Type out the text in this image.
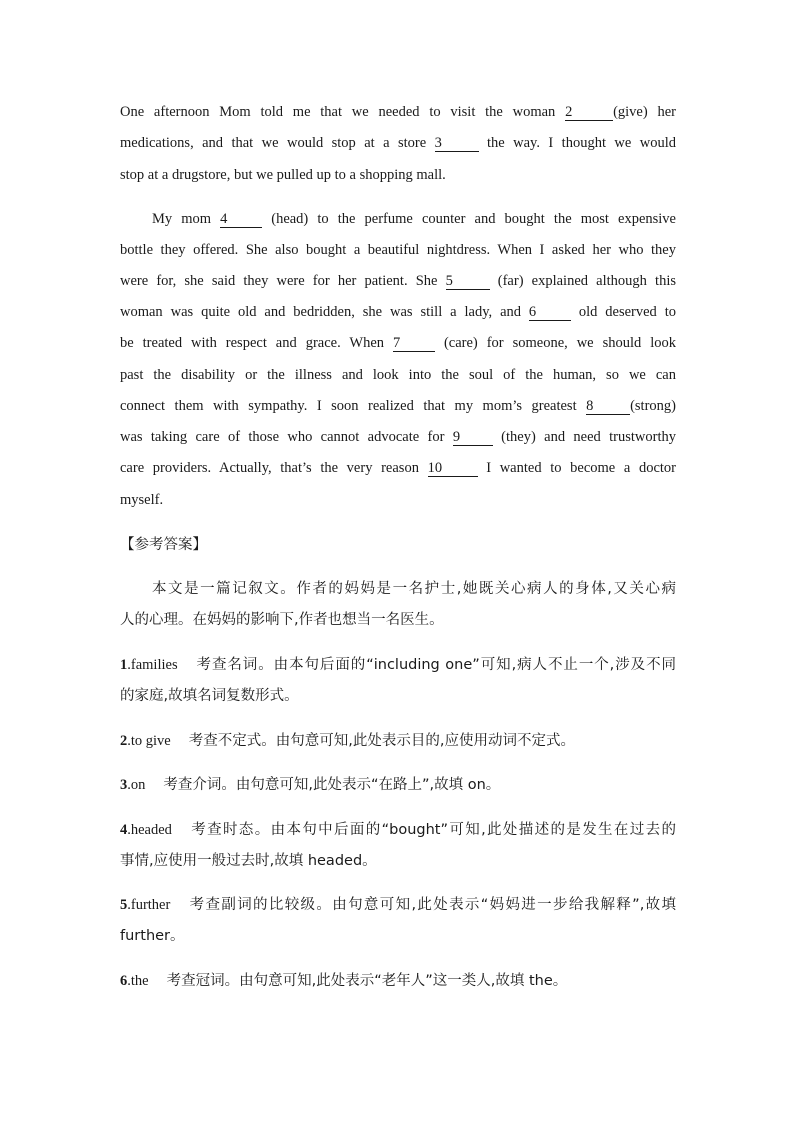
One afternoon Mom told me that we needed to visit the woman 2	(give) her
medications, and that we would stop at a store 3	the way. I thought we would
stop at a drugstore, but we pulled up to a shopping mall.
My mom 4 (head) to the perfume counter and bought the most expensive
bottle they offered. She also bought a beautiful nightdress. When I asked her who they
were for, she said they were for her patient. She 5	(far) explained although this
woman was quite old and bedridden, she was still a lady, and 6 old deserved to
be treated with respect and grace. When 7 (care) for someone, we should look
past the disability or the illness and look into the soul of the human, so we can
connect them with sympathy. I soon realized that my mom’s greatest 8	(strong)
was taking care of those who cannot advocate for 9 (they) and need trustworthy
care providers. Actually, that’s the very reason 10 I wanted to become a doctor
myself.
【参考答案】
本文是一篇记叙文。作者的妈妈是一名护士,她既关心病人的身体,又关心病
人的心理。在妈妈的影响下,作者也想当一名医生。
1.families 考查名词。由本句后面的“including one”可知,病人不止一个,涉及不同
的家庭,故填名词复数形式。
2.to give 考查不定式。由句意可知,此处表示目的,应使用动词不定式。
3.on 考查介词。由句意可知,此处表示“在路上”,故填 on。
4.headed 考查时态。由本句中后面的“bought”可知,此处描述的是发生在过去的
事情,应使用一般过去时,故填 headed。
5.further 考查副词的比较级。由句意可知,此处表示“妈妈进一步给我解释”,故填
further。
6.the 考查冠词。由句意可知,此处表示“老年人”这一类人,故填 the。
